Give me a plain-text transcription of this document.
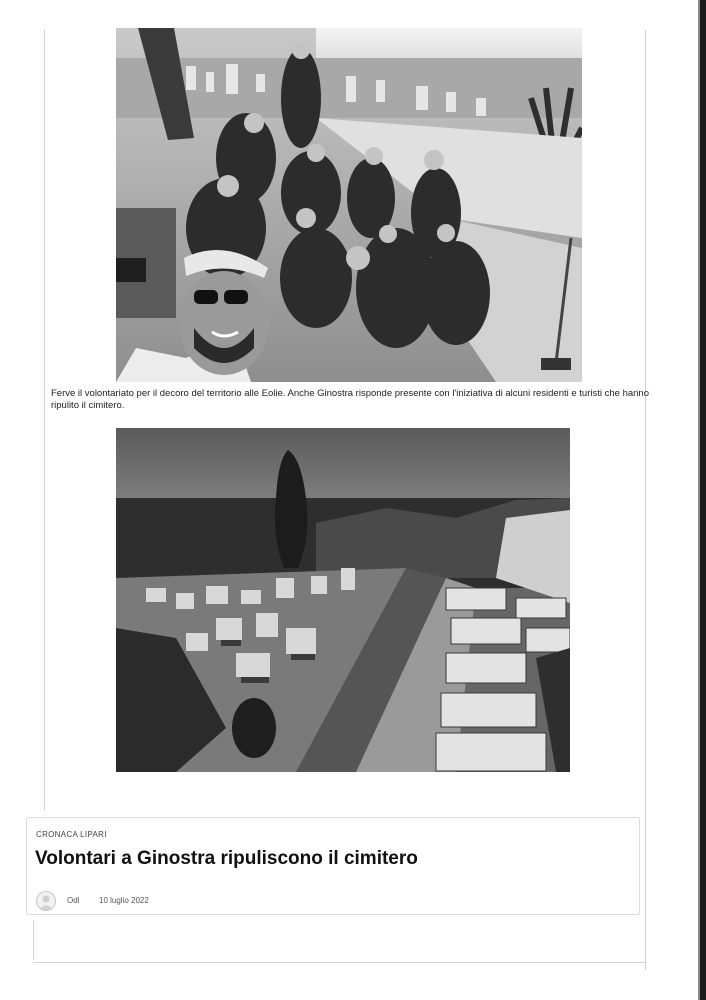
Ferve il volontariato per il decoro del territorio alle Eolie. Anche Ginostra risponde presente con l'iniziativa di alcuni residenti e turisti che hanno ripulito il cimitero.
CRONACA LIPARI
Volontari a Ginostra ripuliscono il cimitero
Odl 10 luglio 2022
